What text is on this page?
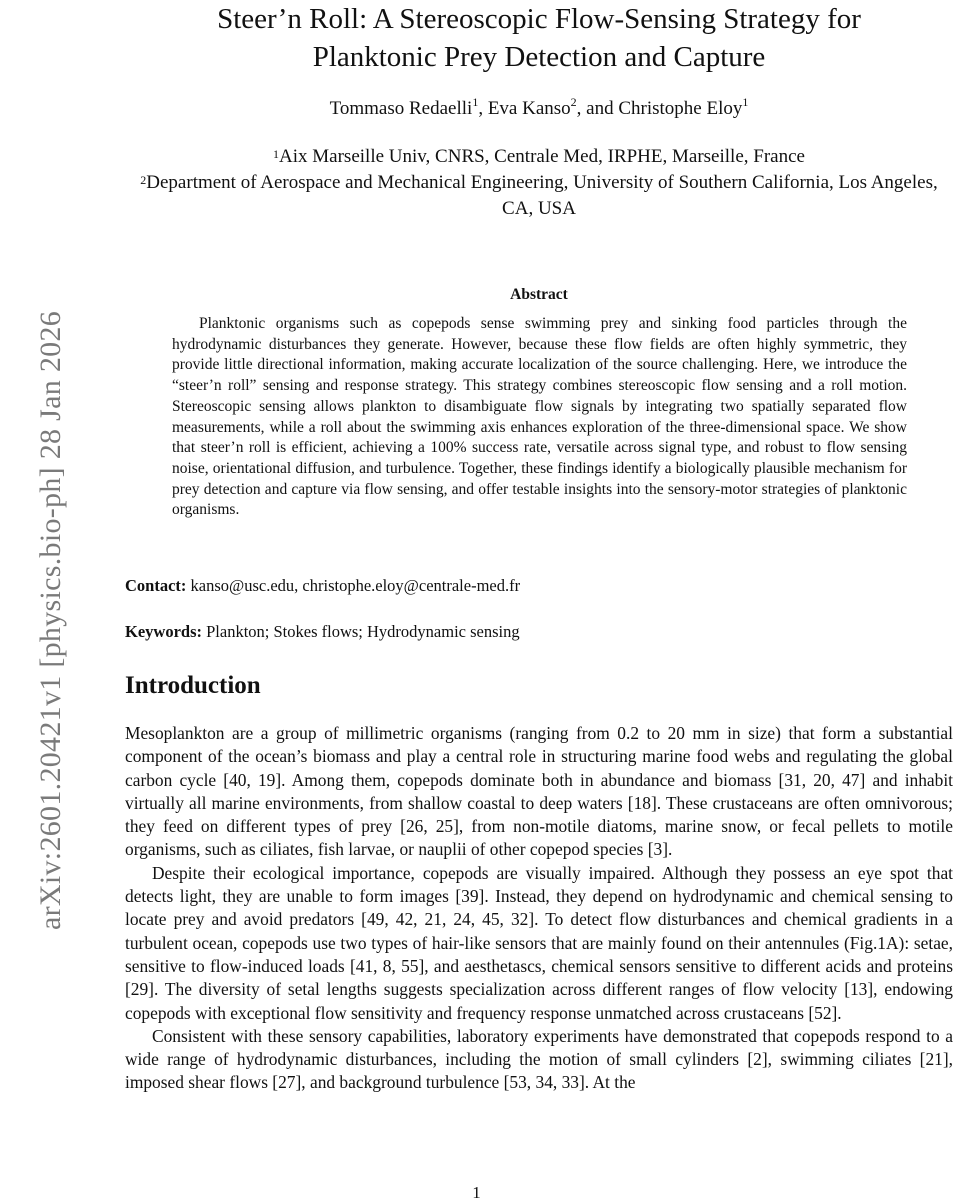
arXiv:2601.20421v1 [physics.bio-ph] 28 Jan 2026
Steer’n Roll: A Stereoscopic Flow-Sensing Strategy for
Planktonic Prey Detection and Capture
Tommaso Redaelli$^1$, Eva Kanso$^2$, and Christophe Eloy$^1$
$^1$Aix Marseille Univ, CNRS, Centrale Med, IRPHE, Marseille, France
$^2$Department of Aerospace and Mechanical Engineering, University of Southern California, Los Angeles, CA, USA
Abstract
Planktonic organisms such as copepods sense swimming prey and sinking food particles through the hydrodynamic disturbances they generate. However, because these flow fields are often highly symmetric, they provide little directional information, making accurate localization of the source challenging. Here, we introduce the “steer’n roll” sensing and response strategy. This strategy combines stereoscopic flow sensing and a roll motion. Stereoscopic sensing allows plankton to disambiguate flow signals by integrating two spatially separated flow measurements, while a roll about the swimming axis enhances exploration of the three-dimensional space. We show that steer’n roll is efficient, achieving a 100% success rate, versatile across signal type, and robust to flow sensing noise, orientational diffusion, and turbulence. Together, these findings identify a biologically plausible mechanism for prey detection and capture via flow sensing, and offer testable insights into the sensory-motor strategies of planktonic organisms.
Contact: kanso@usc.edu, christophe.eloy@centrale-med.fr
Keywords: Plankton; Stokes flows; Hydrodynamic sensing
Introduction

Mesoplankton are a group of millimetric organisms (ranging from 0.2 to 20 mm in size) that form a substantial component of the ocean’s biomass and play a central role in structuring marine food webs and regulating the global carbon cycle [40, 19]. Among them, copepods dominate both in abundance and biomass [31, 20, 47] and inhabit virtually all marine environments, from shallow coastal to deep waters [18]. These crustaceans are often omnivorous; they feed on different types of prey [26, 25], from non-motile diatoms, marine snow, or fecal pellets to motile organisms, such as ciliates, fish larvae, or nauplii of other copepod species [3].

Despite their ecological importance, copepods are visually impaired. Although they possess an eye spot that detects light, they are unable to form images [39]. Instead, they depend on hydrodynamic and chemical sensing to locate prey and avoid predators [49, 42, 21, 24, 45, 32]. To detect flow disturbances and chemical gradients in a turbulent ocean, copepods use two types of hair-like sensors that are mainly found on their antennules (Fig.1A): setae, sensitive to flow-induced loads [41, 8, 55], and aesthetascs, chemical sensors sensitive to different acids and proteins [29]. The diversity of setal lengths suggests specialization across different ranges of flow velocity [13], endowing copepods with exceptional flow sensitivity and frequency response unmatched across crustaceans [52].

Consistent with these sensory capabilities, laboratory experiments have demonstrated that copepods respond to a wide range of hydrodynamic disturbances, including the motion of small cylinders [2], swimming ciliates [21], imposed shear flows [27], and background turbulence [53, 34, 33]. At the

1
